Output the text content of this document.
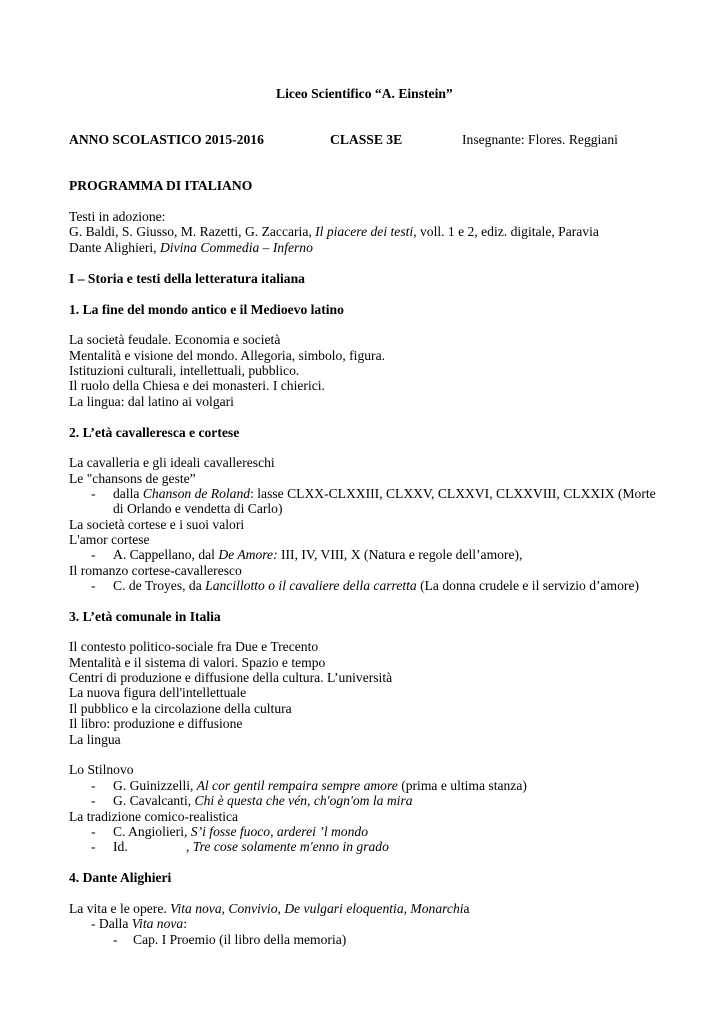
Liceo Scientifico “A. Einstein”
ANNO SCOLASTICO 2015-2016	CLASSE 3E	Insegnante: Flores. Reggiani
PROGRAMMA DI ITALIANO
Testi in adozione:
G. Baldi, S. Giusso, M. Razetti, G. Zaccaria, Il piacere dei testi, voll. 1 e 2, ediz. digitale, Paravia
Dante Alighieri, Divina Commedia – Inferno
I – Storia e testi della letteratura italiana
1. La fine del mondo antico e il Medioevo latino
La società feudale. Economia e società
Mentalità e visione del mondo. Allegoria, simbolo, figura.
Istituzioni culturali, intellettuali, pubblico.
Il ruolo della Chiesa e dei monasteri. I chierici.
La lingua: dal latino ai volgari
2. L’età cavalleresca e cortese
La cavalleria e gli ideali cavallereschi
Le "chansons de geste”
- dalla Chanson de Roland: lasse CLXX-CLXXIII, CLXXV, CLXXVI, CLXXVIII, CLXXIX (Morte
di Orlando e vendetta di Carlo)
La società cortese e i suoi valori
L'amor cortese
- A. Cappellano, dal De Amore: III, IV, VIII, X (Natura e regole dell’amore),
Il romanzo cortese-cavalleresco
- C. de Troyes, da Lancillotto o il cavaliere della carretta (La donna crudele e il servizio d’amore)
3. L’età comunale in Italia
Il contesto politico-sociale fra Due e Trecento
Mentalità e il sistema di valori. Spazio e tempo
Centri di produzione e diffusione della cultura. L’università
La nuova figura dell'intellettuale
Il pubblico e la circolazione della cultura
Il libro: produzione e diffusione
La lingua
Lo Stilnovo
- G. Guinizzelli, Al cor gentil rempaira sempre amore (prima e ultima stanza)
- G. Cavalcanti, Chi è questa che vén, ch'ogn'om la mira
La tradizione comico-realistica
- C. Angiolieri, S’i fosse fuoco, arderei ’l mondo
- Id.	, Tre cose solamente m'enno in grado
4. Dante Alighieri
La vita e le opere. Vita nova, Convivio, De vulgari eloquentia, Monarchia
- Dalla Vita nova:
- Cap. I Proemio (il libro della memoria)
